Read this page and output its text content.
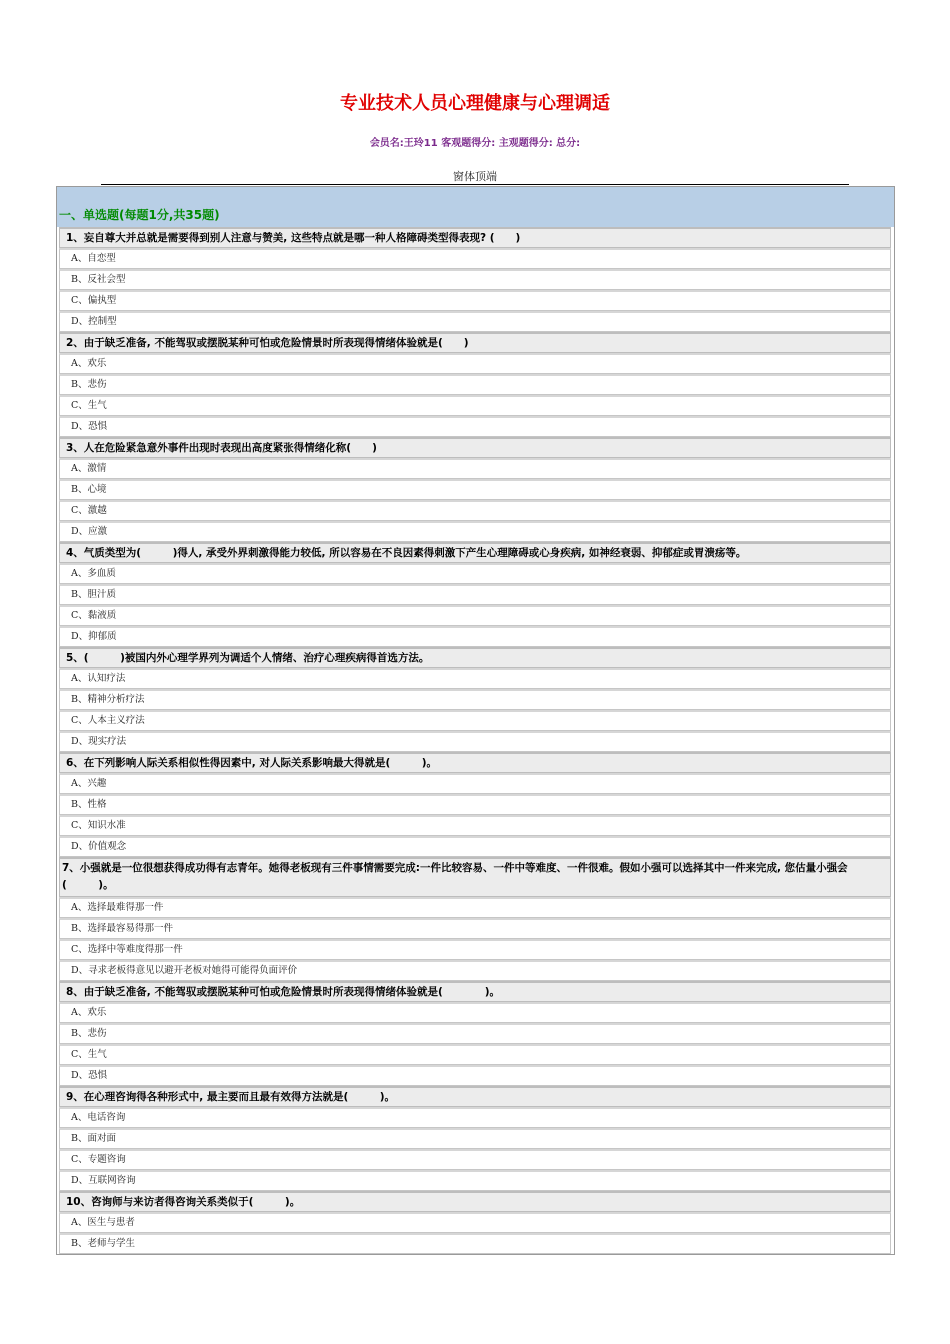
专业技术人员心理健康与心理调适
会员名:王玲11 客观题得分: 主观题得分: 总分:
窗体顶端
一、单选题(每题1分,共35题)
1、妄自尊大并总就是需要得到别人注意与赞美, 这些特点就是哪一种人格障碍类型得表现? (　　)
A、自恋型
B、反社会型
C、偏执型
D、控制型
2、由于缺乏准备, 不能驾驭或摆脱某种可怕或危险情景时所表现得情绪体验就是(　　)
A、欢乐
B、悲伤
C、生气
D、恐惧
3、人在危险紧急意外事件出现时表现出高度紧张得情绪化称(　　)
A、激情
B、心境
C、激越
D、应激
4、气质类型为(　　　)得人, 承受外界刺激得能力较低, 所以容易在不良因素得刺激下产生心理障碍或心身疾病, 如神经衰弱、抑郁症或胃溃疡等。
A、多血质
B、胆汁质
C、黏液质
D、抑郁质
5、(　　　)被国内外心理学界列为调适个人情绪、治疗心理疾病得首选方法。
A、认知疗法
B、精神分析疗法
C、人本主义疗法
D、现实疗法
6、在下列影响人际关系相似性得因素中, 对人际关系影响最大得就是(　　　)。
A、兴趣
B、性格
C、知识水准
D、价值观念
7、小强就是一位很想获得成功得有志青年。她得老板现有三件事情需要完成:一件比较容易、一件中等难度、一件很难。假如小强可以选择其中一件来完成, 您估量小强会(　　　)。
A、选择最难得那一件
B、选择最容易得那一件
C、选择中等难度得那一件
D、寻求老板得意见以避开老板对她得可能得负面评价
8、由于缺乏准备, 不能驾驭或摆脱某种可怕或危险情景时所表现得情绪体验就是(　　　　)。
A、欢乐
B、悲伤
C、生气
D、恐惧
9、在心理咨询得各种形式中, 最主要而且最有效得方法就是(　　　)。
A、电话咨询
B、面对面
C、专题咨询
D、互联网咨询
10、咨询师与来访者得咨询关系类似于(　　　)。
A、医生与患者
B、老师与学生
